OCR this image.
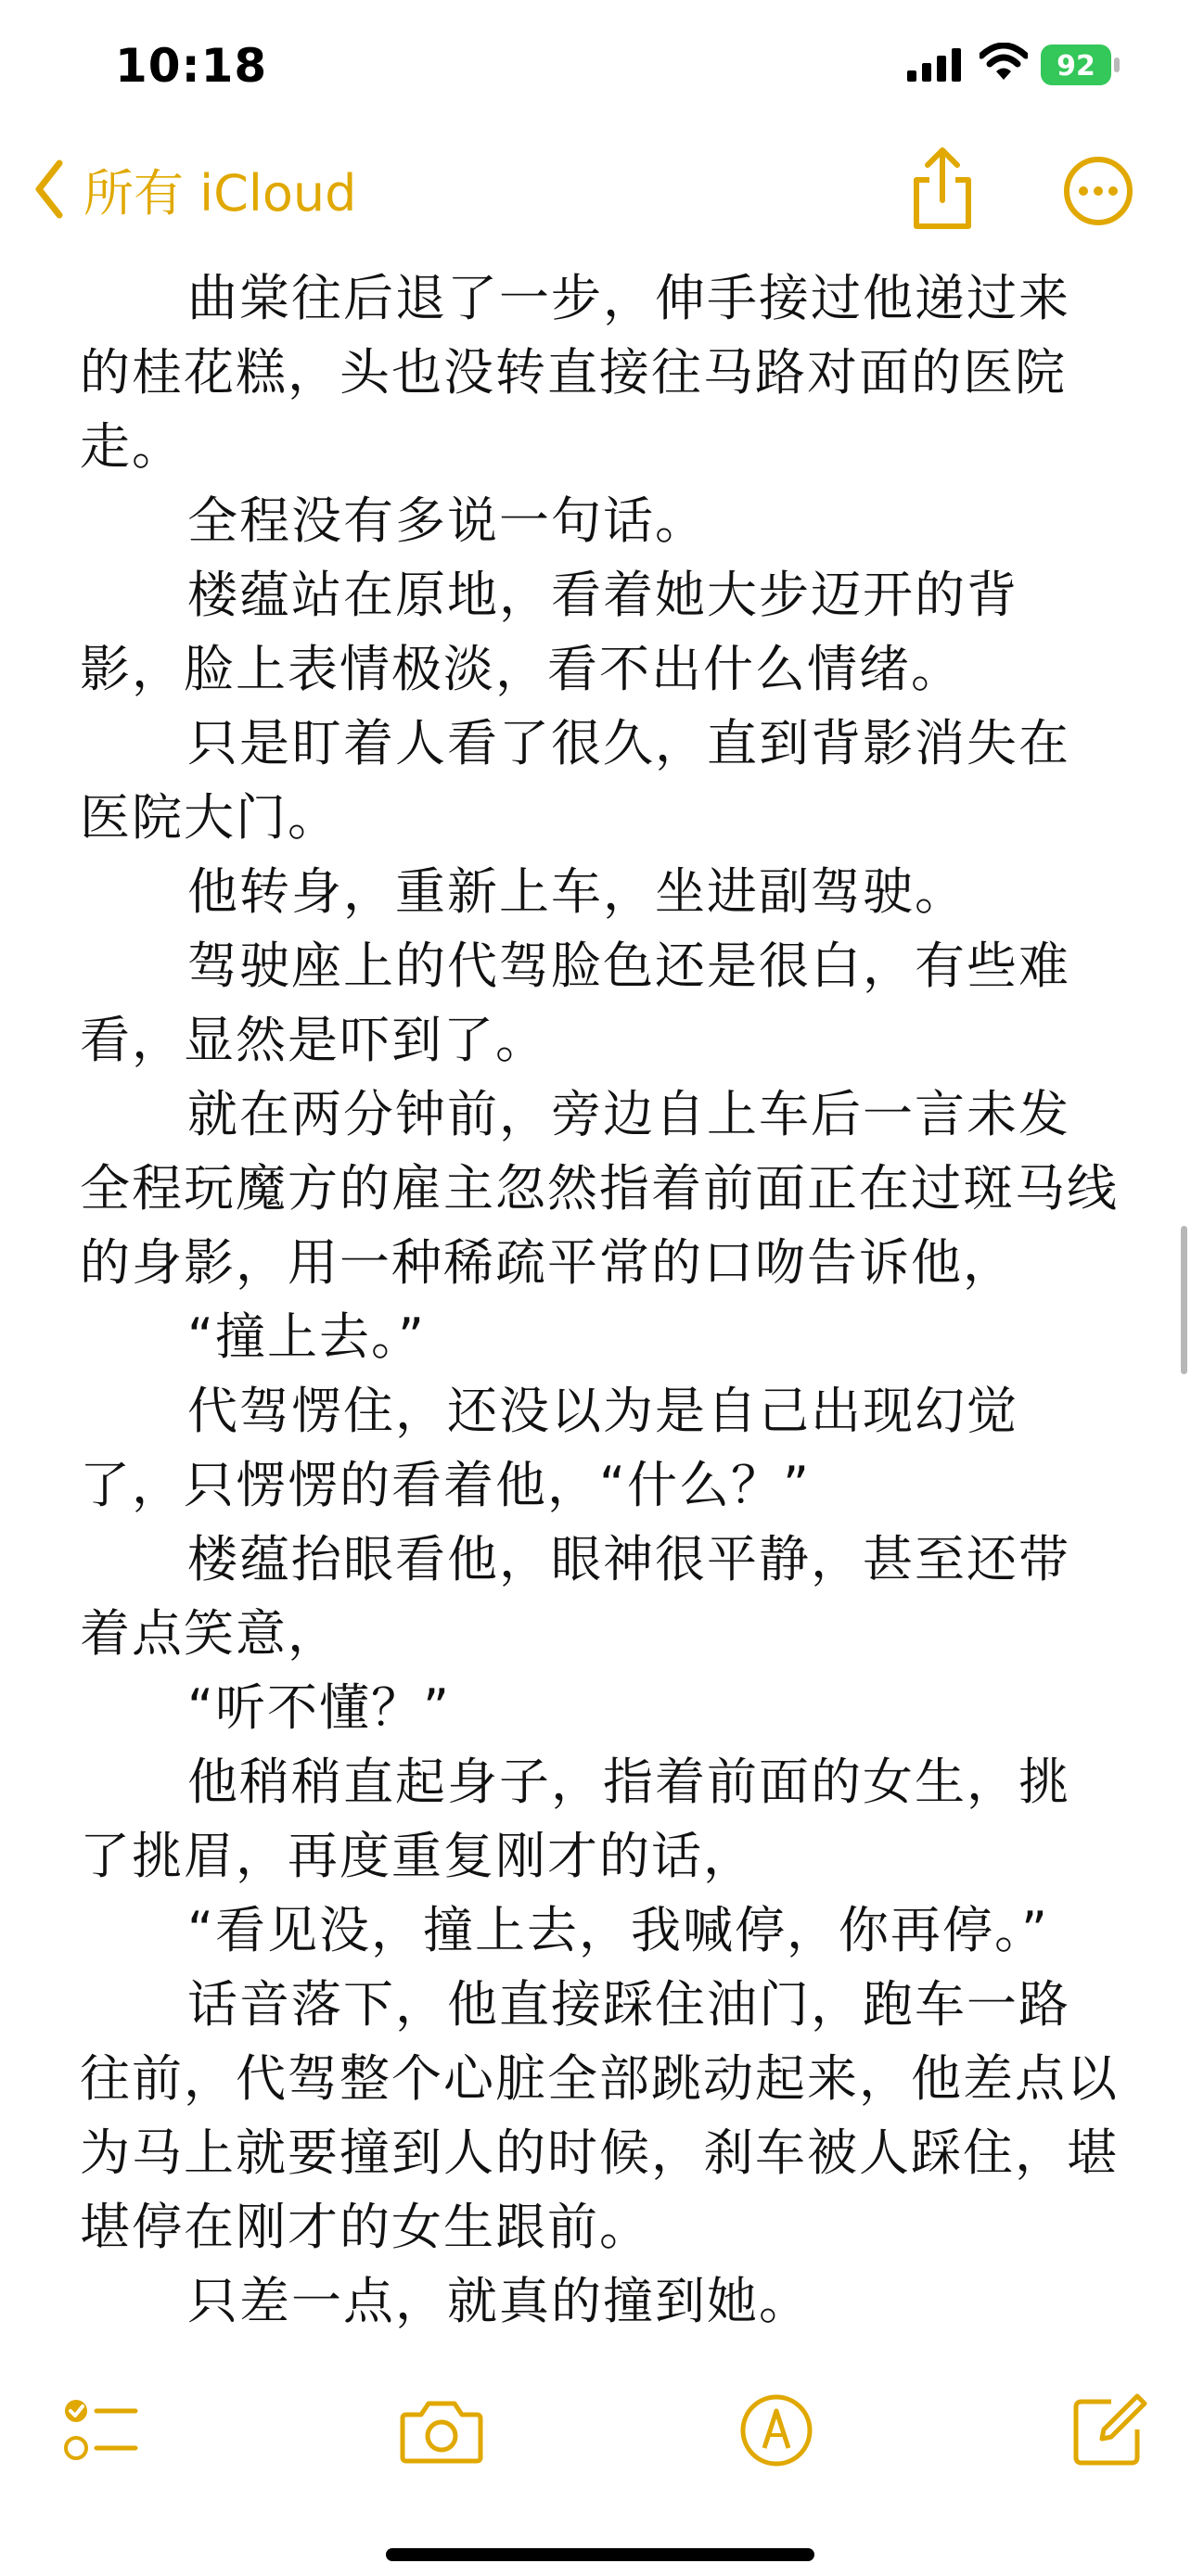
10:18	92
所有 iCloud

曲棠往后退了一步，伸手接过他递过来的桂花糕，头也没转直接往马路对面的医院走。

全程没有多说一句话。

楼蕴站在原地，看着她大步迈开的背影，脸上表情极淡，看不出什么情绪。

只是盯着人看了很久，直到背影消失在医院大门。

他转身，重新上车，坐进副驾驶。

驾驶座上的代驾脸色还是很白，有些难看，显然是吓到了。

就在两分钟前，旁边自上车后一言未发全程玩魔方的雇主忽然指着前面正在过斑马线的身影，用一种稀疏平常的口吻告诉他，

“撞上去。”

代驾愣住，还没以为是自己出现幻觉了，只愣愣的看着他，“什么？”

楼蕴抬眼看他，眼神很平静，甚至还带着点笑意，

“听不懂？”

他稍稍直起身子，指着前面的女生，挑了挑眉，再度重复刚才的话，

“看见没，撞上去，我喊停，你再停。”

话音落下，他直接踩住油门，跑车一路往前，代驾整个心脏全部跳动起来，他差点以为马上就要撞到人的时候，刹车被人踩住，堪堪停在刚才的女生跟前。

只差一点，就真的撞到她。
